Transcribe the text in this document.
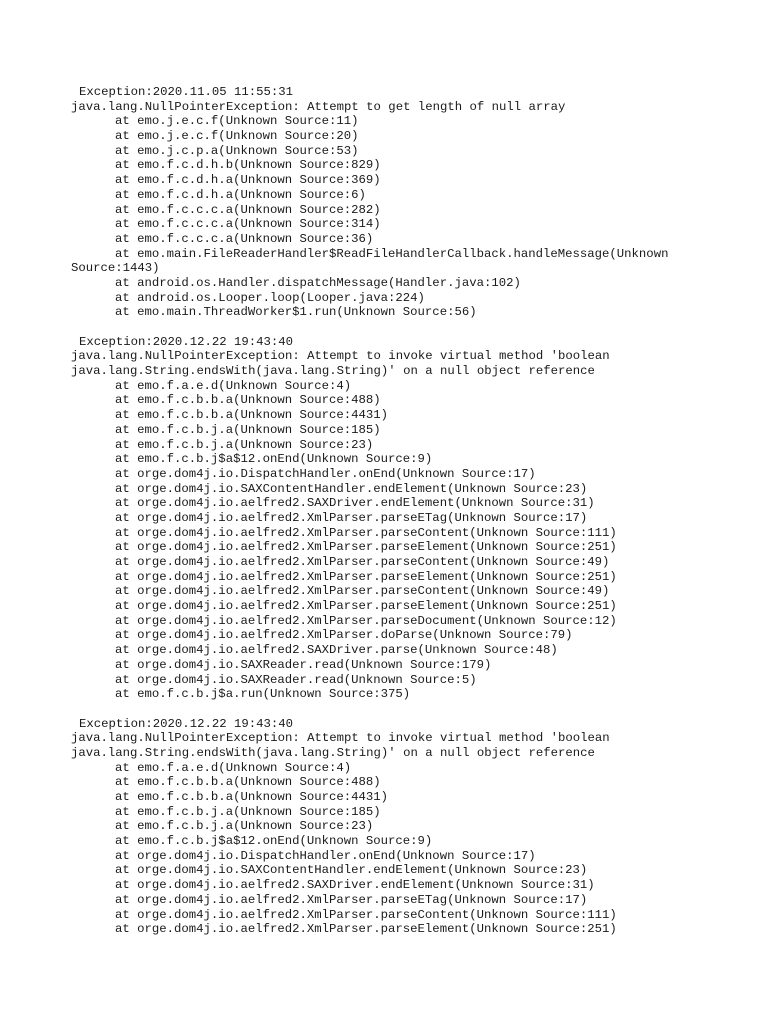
Exception:2020.11.05 11:55:31
java.lang.NullPointerException: Attempt to get length of null array
at emo.j.e.c.f(Unknown Source:11)
at emo.j.e.c.f(Unknown Source:20)
at emo.j.c.p.a(Unknown Source:53)
at emo.f.c.d.h.b(Unknown Source:829)
at emo.f.c.d.h.a(Unknown Source:369)
at emo.f.c.d.h.a(Unknown Source:6)
at emo.f.c.c.c.a(Unknown Source:282)
at emo.f.c.c.c.a(Unknown Source:314)
at emo.f.c.c.c.a(Unknown Source:36)
at emo.main.FileReaderHandler$ReadFileHandlerCallback.handleMessage(Unknown
Source:1443)
at android.os.Handler.dispatchMessage(Handler.java:102)
at android.os.Looper.loop(Looper.java:224)
at emo.main.ThreadWorker$1.run(Unknown Source:56)
Exception:2020.12.22 19:43:40
java.lang.NullPointerException: Attempt to invoke virtual method 'boolean
java.lang.String.endsWith(java.lang.String)' on a null object reference
at emo.f.a.e.d(Unknown Source:4)
at emo.f.c.b.b.a(Unknown Source:488)
at emo.f.c.b.b.a(Unknown Source:4431)
at emo.f.c.b.j.a(Unknown Source:185)
at emo.f.c.b.j.a(Unknown Source:23)
at emo.f.c.b.j$a$12.onEnd(Unknown Source:9)
at orge.dom4j.io.DispatchHandler.onEnd(Unknown Source:17)
at orge.dom4j.io.SAXContentHandler.endElement(Unknown Source:23)
at orge.dom4j.io.aelfred2.SAXDriver.endElement(Unknown Source:31)
at orge.dom4j.io.aelfred2.XmlParser.parseETag(Unknown Source:17)
at orge.dom4j.io.aelfred2.XmlParser.parseContent(Unknown Source:111)
at orge.dom4j.io.aelfred2.XmlParser.parseElement(Unknown Source:251)
at orge.dom4j.io.aelfred2.XmlParser.parseContent(Unknown Source:49)
at orge.dom4j.io.aelfred2.XmlParser.parseElement(Unknown Source:251)
at orge.dom4j.io.aelfred2.XmlParser.parseContent(Unknown Source:49)
at orge.dom4j.io.aelfred2.XmlParser.parseElement(Unknown Source:251)
at orge.dom4j.io.aelfred2.XmlParser.parseDocument(Unknown Source:12)
at orge.dom4j.io.aelfred2.XmlParser.doParse(Unknown Source:79)
at orge.dom4j.io.aelfred2.SAXDriver.parse(Unknown Source:48)
at orge.dom4j.io.SAXReader.read(Unknown Source:179)
at orge.dom4j.io.SAXReader.read(Unknown Source:5)
at emo.f.c.b.j$a.run(Unknown Source:375)
Exception:2020.12.22 19:43:40
java.lang.NullPointerException: Attempt to invoke virtual method 'boolean
java.lang.String.endsWith(java.lang.String)' on a null object reference
at emo.f.a.e.d(Unknown Source:4)
at emo.f.c.b.b.a(Unknown Source:488)
at emo.f.c.b.b.a(Unknown Source:4431)
at emo.f.c.b.j.a(Unknown Source:185)
at emo.f.c.b.j.a(Unknown Source:23)
at emo.f.c.b.j$a$12.onEnd(Unknown Source:9)
at orge.dom4j.io.DispatchHandler.onEnd(Unknown Source:17)
at orge.dom4j.io.SAXContentHandler.endElement(Unknown Source:23)
at orge.dom4j.io.aelfred2.SAXDriver.endElement(Unknown Source:31)
at orge.dom4j.io.aelfred2.XmlParser.parseETag(Unknown Source:17)
at orge.dom4j.io.aelfred2.XmlParser.parseContent(Unknown Source:111)
at orge.dom4j.io.aelfred2.XmlParser.parseElement(Unknown Source:251)
